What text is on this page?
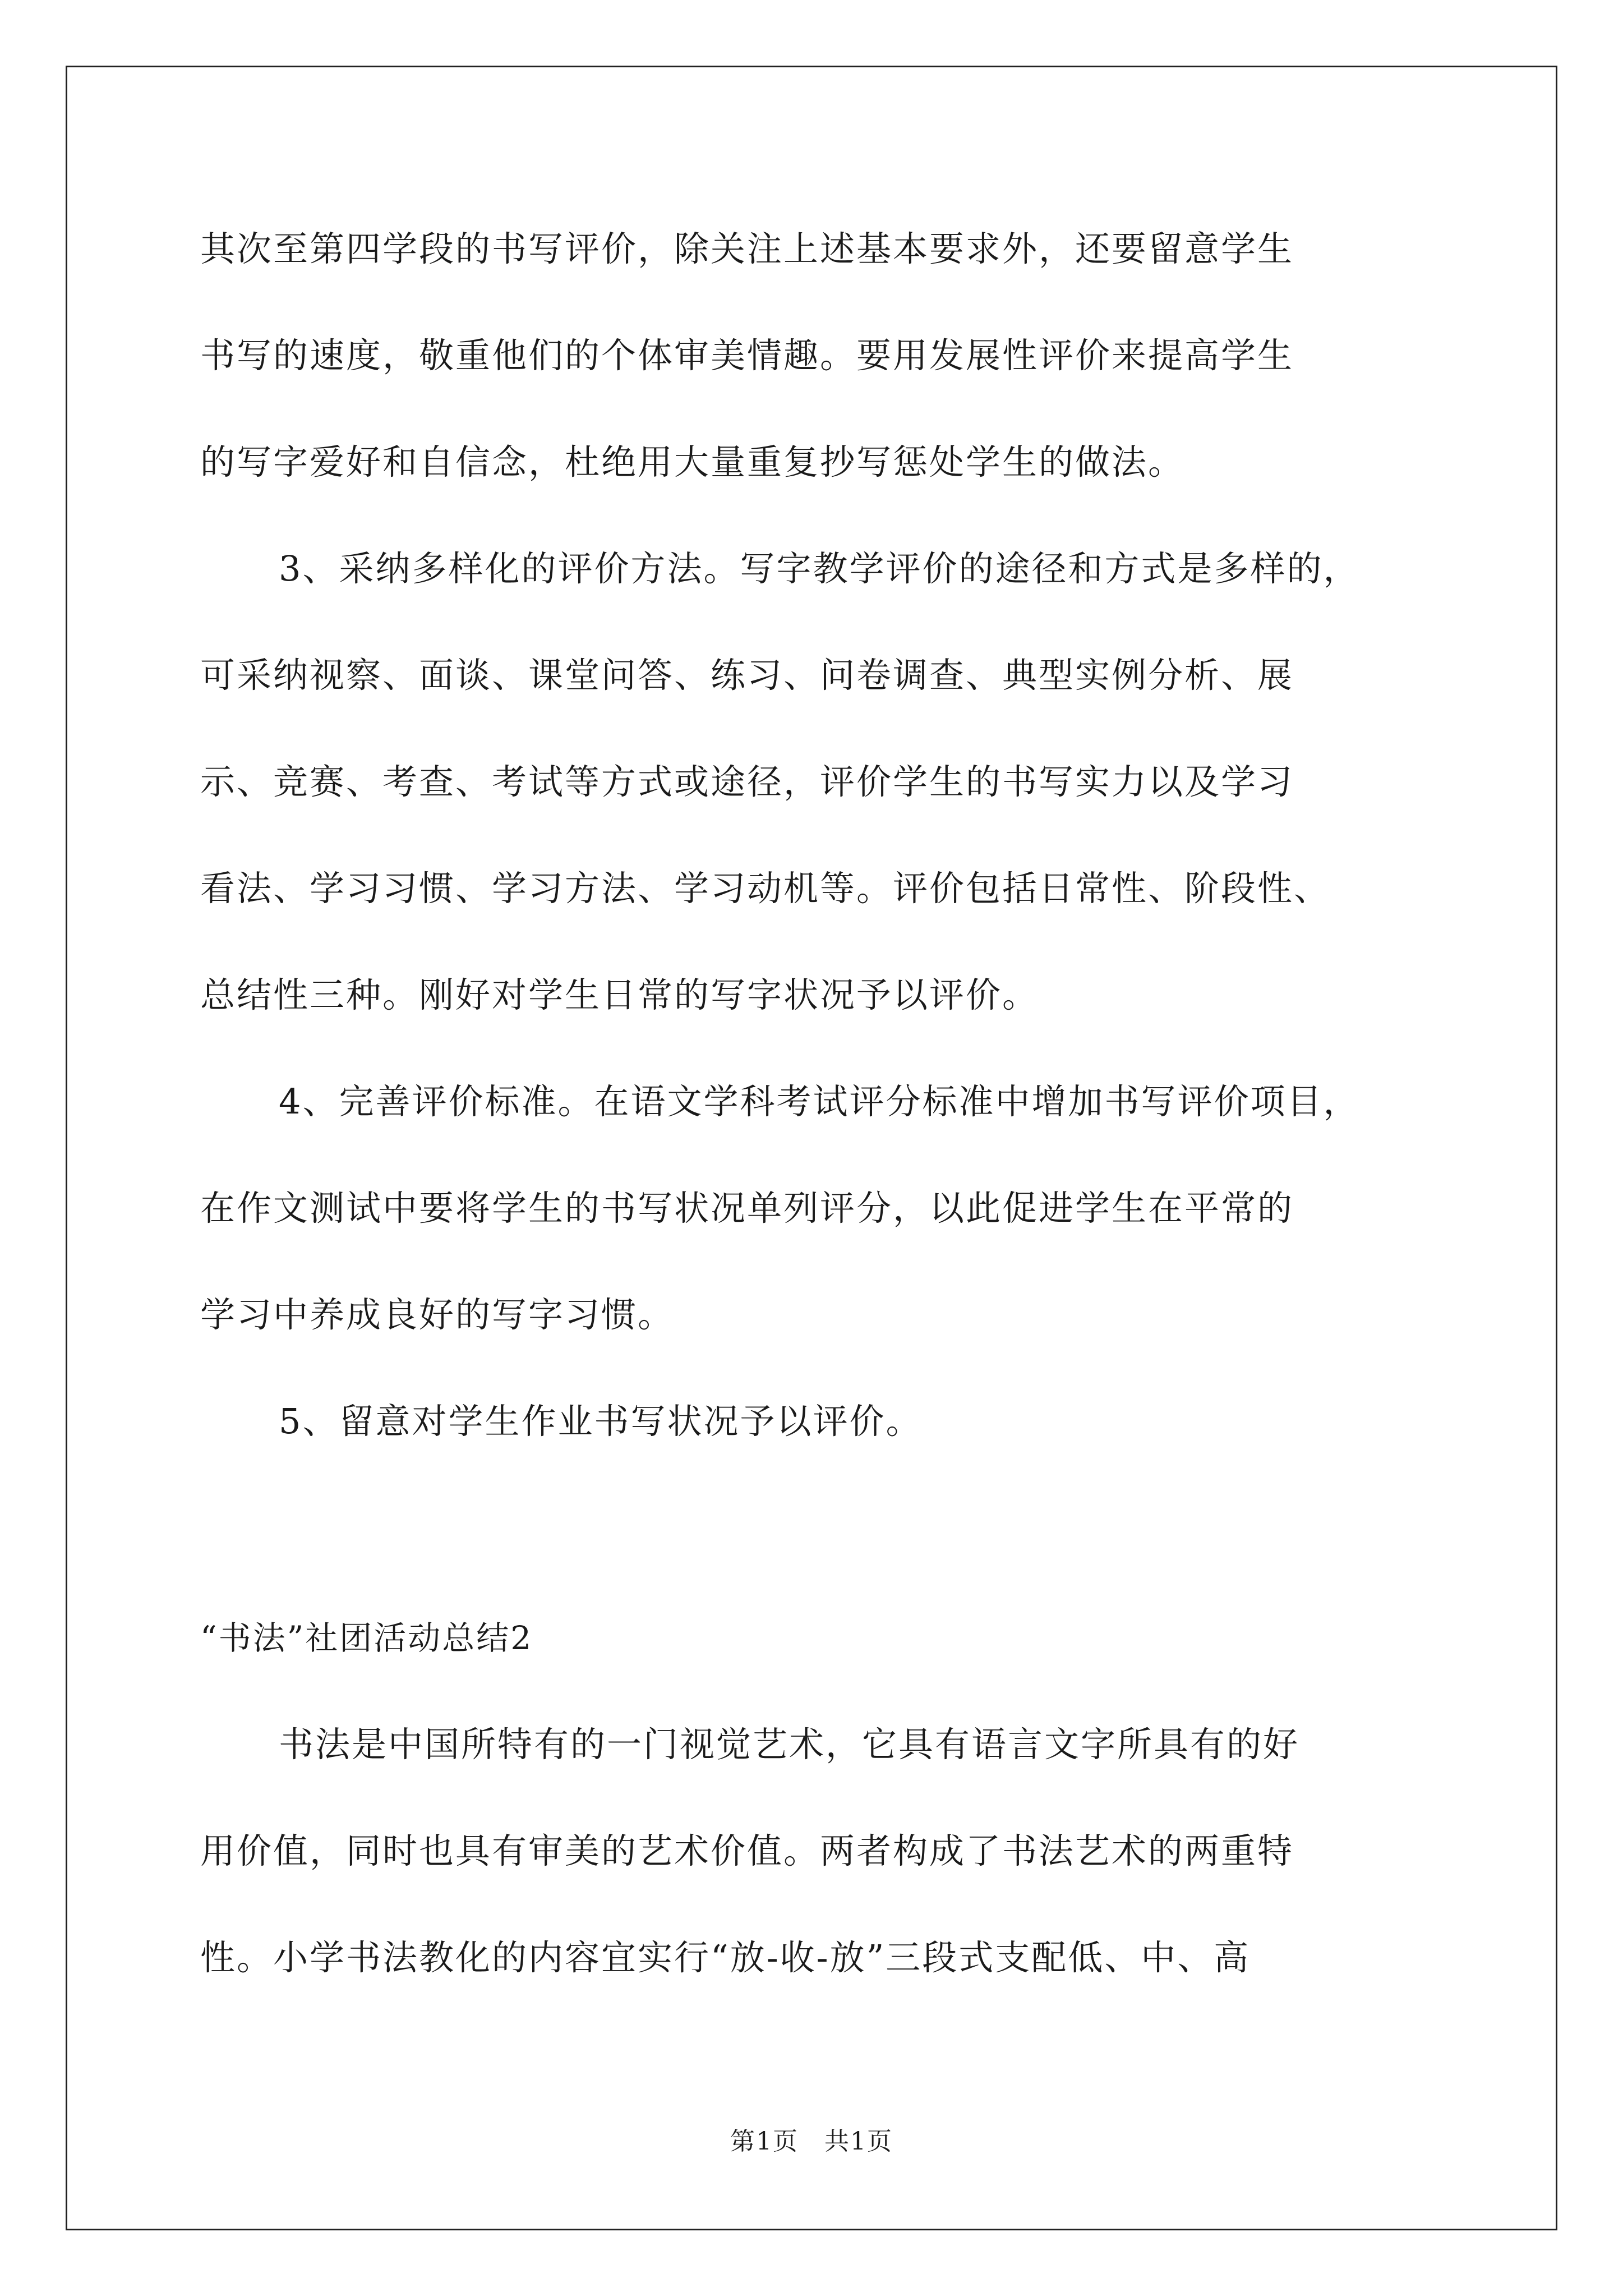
其次至第四学段的书写评价，除关注上述基本要求外，还要留意学生
书写的速度，敬重他们的个体审美情趣。要用发展性评价来提高学生
的写字爱好和自信念，杜绝用大量重复抄写惩处学生的做法。
3、采纳多样化的评价方法。写字教学评价的途径和方式是多样的，
可采纳视察、面谈、课堂问答、练习、问卷调查、典型实例分析、展
示、竞赛、考查、考试等方式或途径，评价学生的书写实力以及学习
看法、学习习惯、学习方法、学习动机等。评价包括日常性、阶段性、
总结性三种。刚好对学生日常的写字状况予以评价。
4、完善评价标准。在语文学科考试评分标准中增加书写评价项目，
在作文测试中要将学生的书写状况单列评分，以此促进学生在平常的
学习中养成良好的写字习惯。
5、留意对学生作业书写状况予以评价。
“书法”社团活动总结2
书法是中国所特有的一门视觉艺术，它具有语言文字所具有的好
用价值，同时也具有审美的艺术价值。两者构成了书法艺术的两重特
性。小学书法教化的内容宜实行“放-收-放”三段式支配低、中、高
第1页　共1页
